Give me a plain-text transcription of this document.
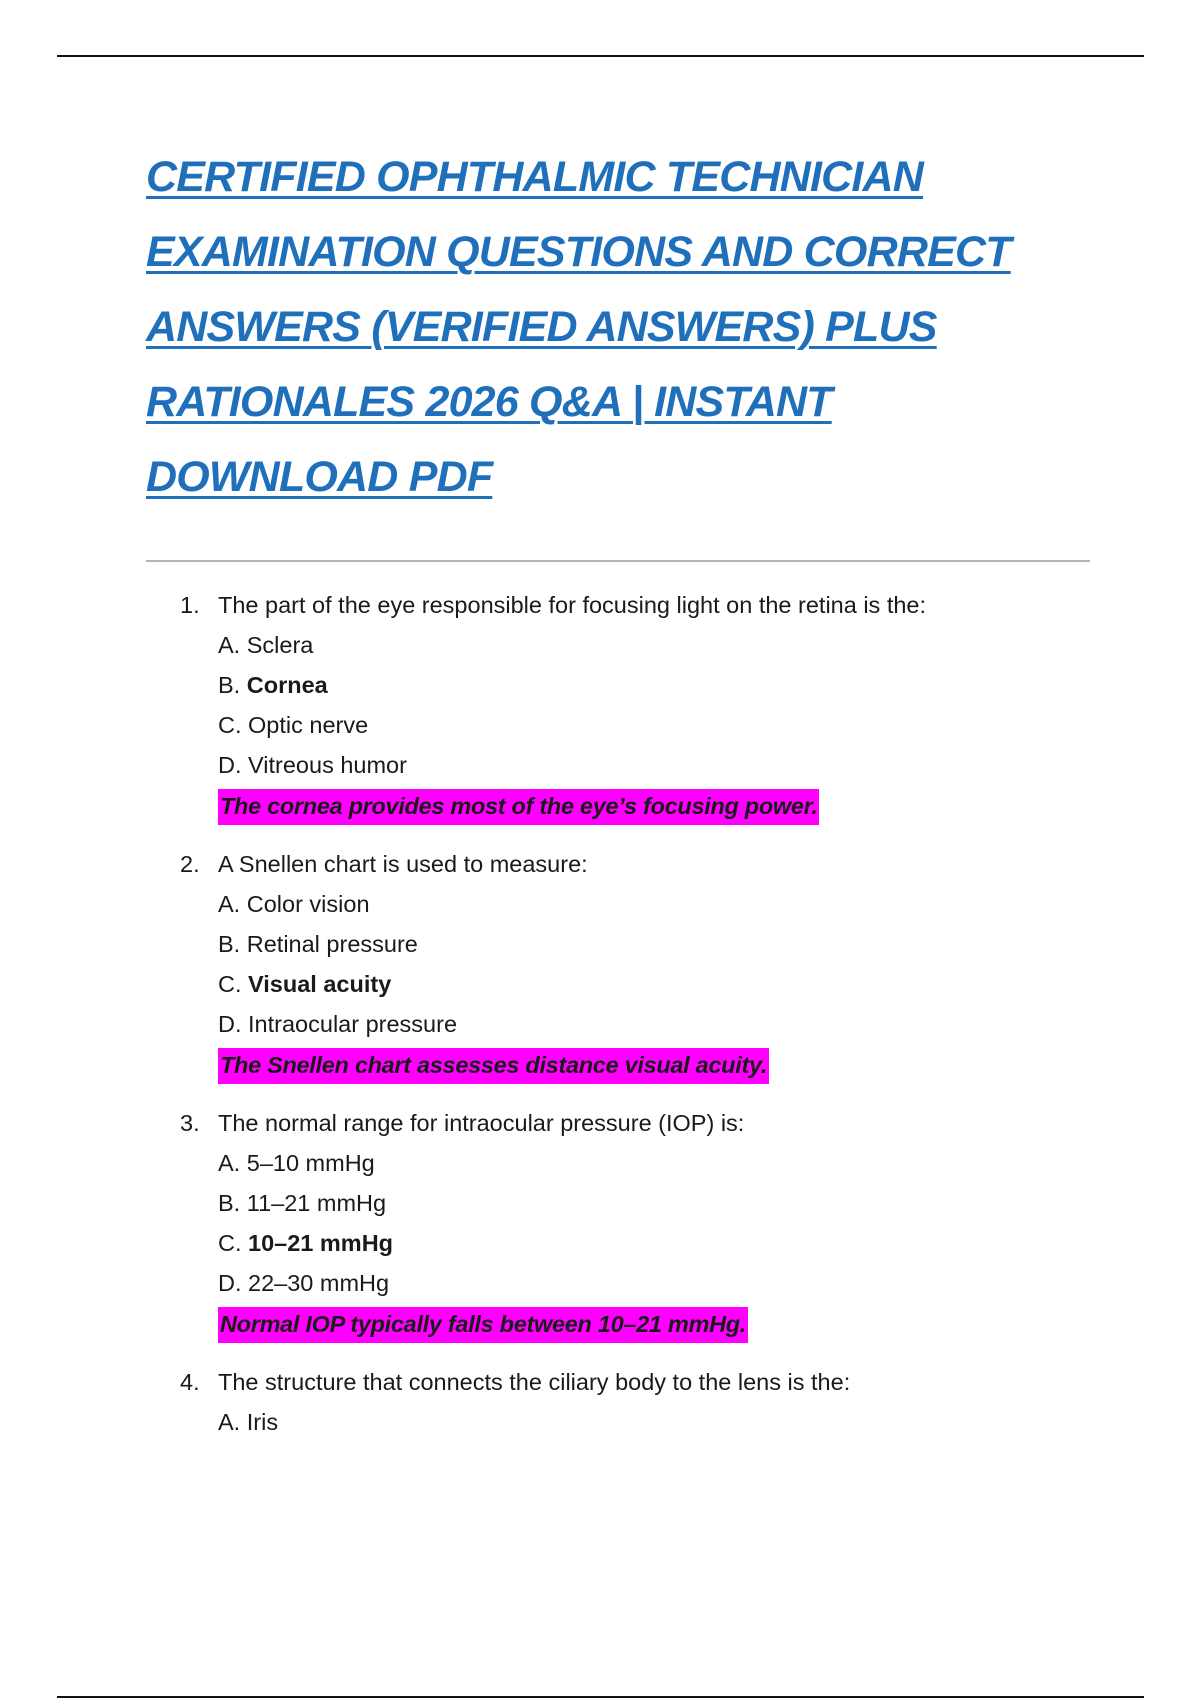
CERTIFIED OPHTHALMIC TECHNICIAN
EXAMINATION QUESTIONS AND CORRECT
ANSWERS (VERIFIED ANSWERS) PLUS
RATIONALES 2026 Q&A | INSTANT
DOWNLOAD PDF
1. The part of the eye responsible for focusing light on the retina is the:
A. Sclera
B. Cornea
C. Optic nerve
D. Vitreous humor
The cornea provides most of the eye’s focusing power.
2. A Snellen chart is used to measure:
A. Color vision
B. Retinal pressure
C. Visual acuity
D. Intraocular pressure
The Snellen chart assesses distance visual acuity.
3. The normal range for intraocular pressure (IOP) is:
A. 5–10 mmHg
B. 11–21 mmHg
C. 10–21 mmHg
D. 22–30 mmHg
Normal IOP typically falls between 10–21 mmHg.
4. The structure that connects the ciliary body to the lens is the:
A. Iris
